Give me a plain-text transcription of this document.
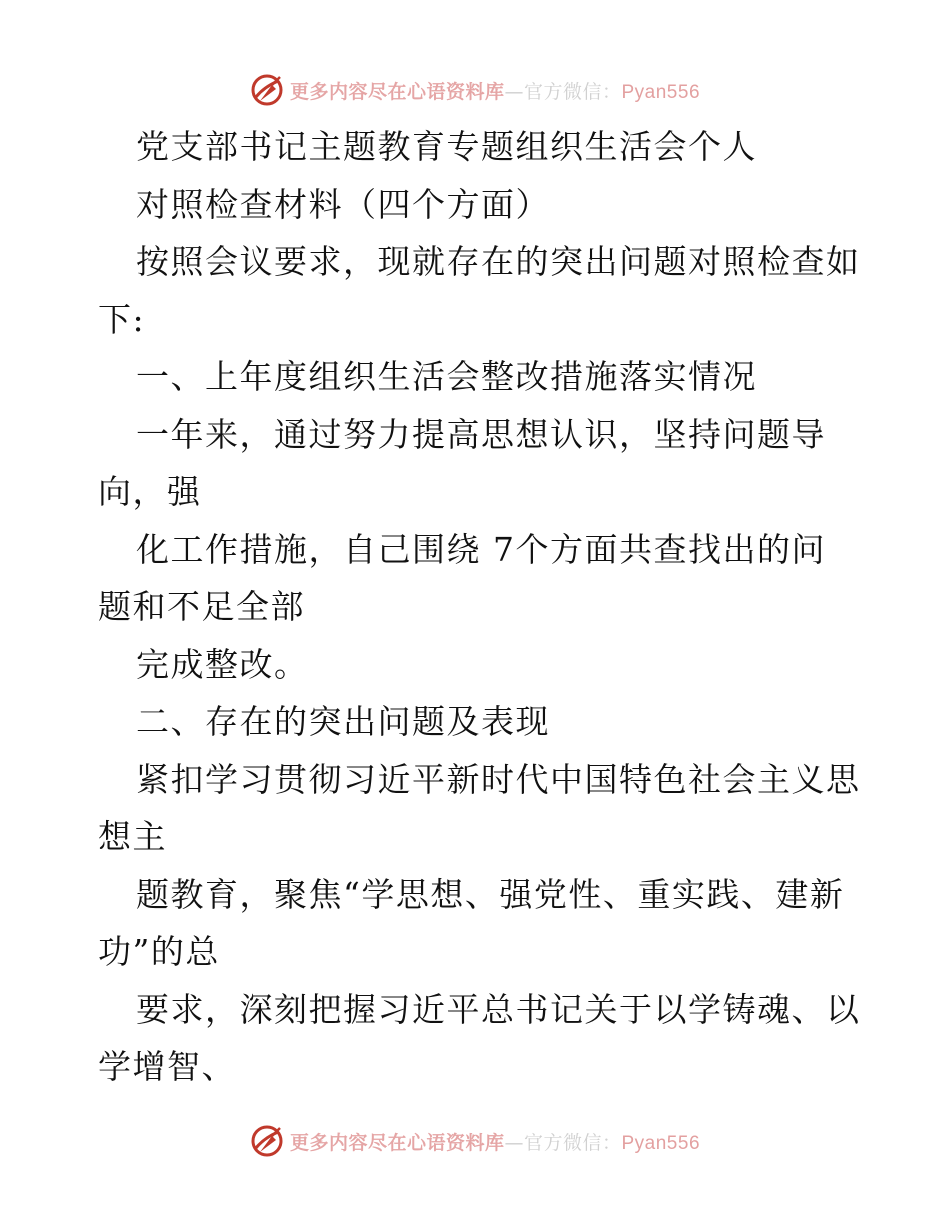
更多内容尽在心语资料库—官方微信：Pyan556
党支部书记主题教育专题组织生活会个人
对照检查材料（四个方面）
按照会议要求，现就存在的突出问题对照检查如
下:
一、上年度组织生活会整改措施落实情况
一年来，通过努力提高思想认识，坚持问题导
向，强
化工作措施，自己围绕 7个方面共查找出的问
题和不足全部
完成整改。
二、存在的突出问题及表现
紧扣学习贯彻习近平新时代中国特色社会主义思
想主
题教育，聚焦“学思想、强党性、重实践、建新
功”的总
要求，深刻把握习近平总书记关于以学铸魂、以
学增智、
更多内容尽在心语资料库—官方微信：Pyan556
